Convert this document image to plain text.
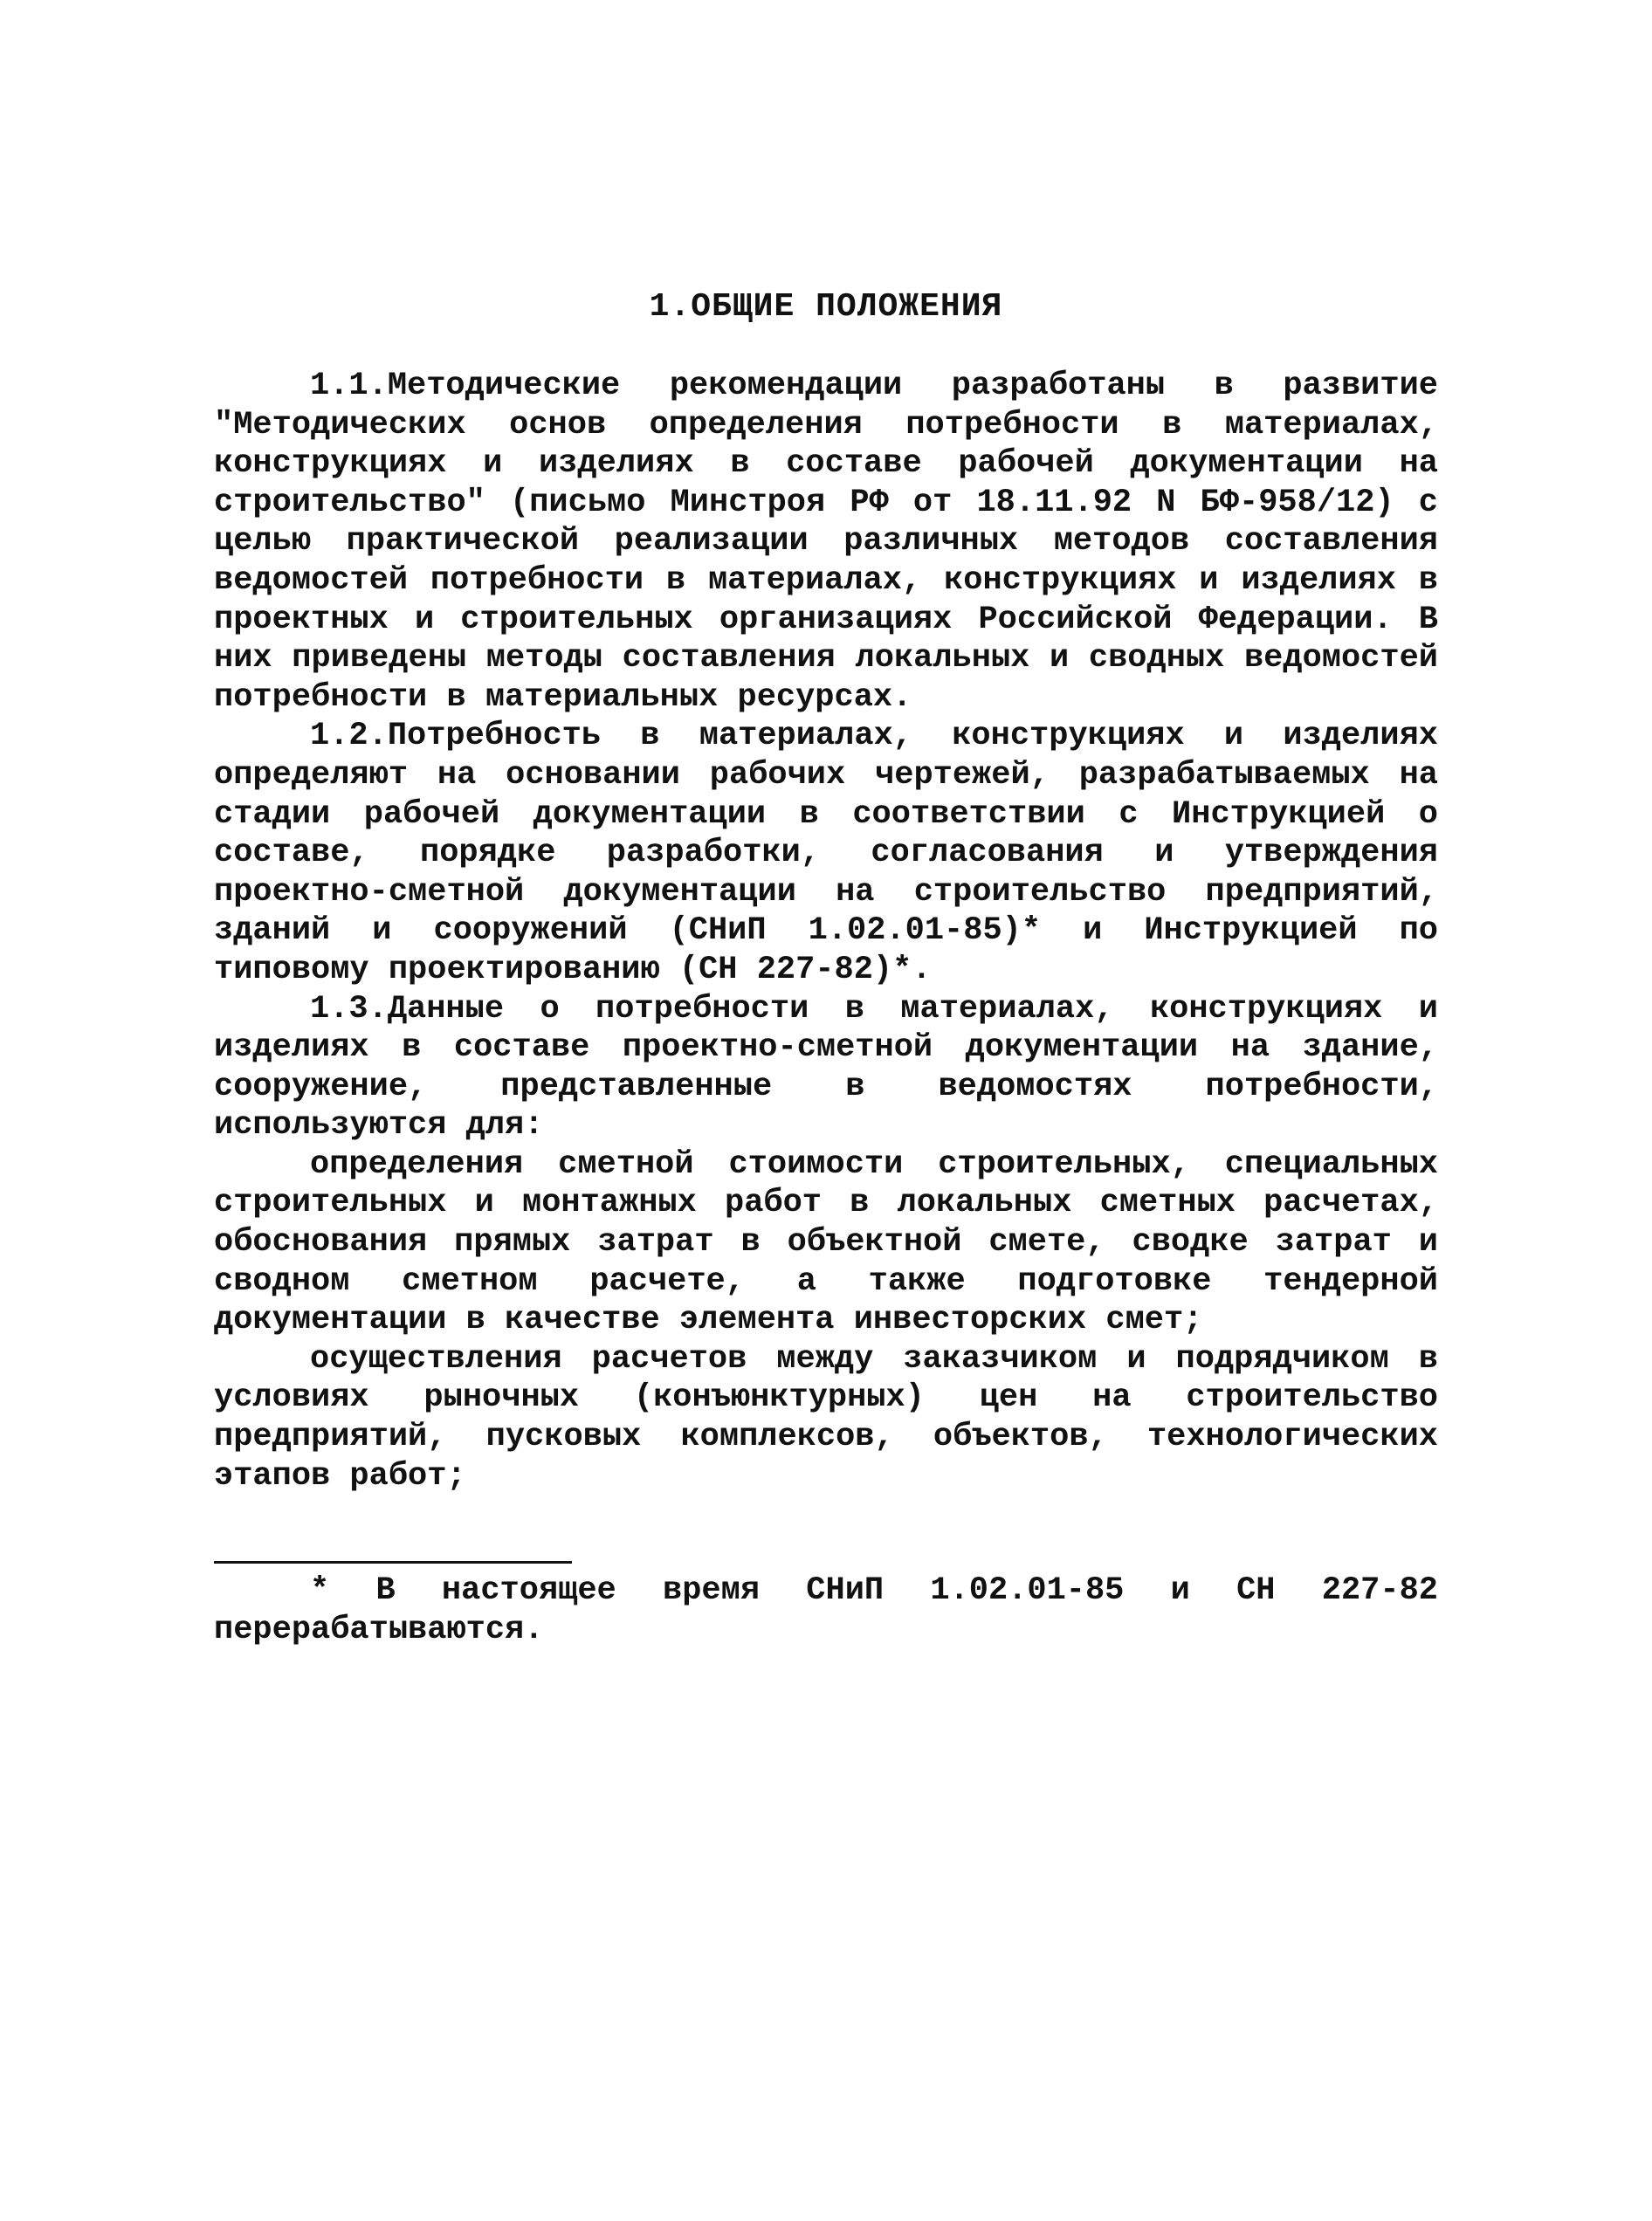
1.ОБЩИЕ ПОЛОЖЕНИЯ

1.1.Методические рекомендации разработаны в развитие "Методических основ определения потребности в материалах, конструкциях и изделиях в составе рабочей документации на строительство" (письмо Минстроя РФ от 18.11.92 N БФ-958/12) с целью практической реализации различных методов составления ведомостей потребности в материалах, конструкциях и изделиях в проектных и строительных организациях Российской Федерации. В них приведены методы составления локальных и сводных ведомостей потребности в материальных ресурсах.

1.2.Потребность в материалах, конструкциях и изделиях определяют на основании рабочих чертежей, разрабатываемых на стадии рабочей документации в соответствии с Инструкцией о составе, порядке разработки, согласования и утверждения проектно-сметной документации на строительство предприятий, зданий и сооружений (СНиП 1.02.01-85)* и Инструкцией по типовому проектированию (СН 227-82)*.

1.3.Данные о потребности в материалах, конструкциях и изделиях в составе проектно-сметной документации на здание, сооружение, представленные в ведомостях потребности, используются для:

определения сметной стоимости строительных, специальных строительных и монтажных работ в локальных сметных расчетах, обоснования прямых затрат в объектной смете, сводке затрат и сводном сметном расчете, а также подготовке тендерной документации в качестве элемента инвесторских смет;

осуществления расчетов между заказчиком и подрядчиком в условиях рыночных (конъюнктурных) цен на строительство предприятий, пусковых комплексов, объектов, технологических этапов работ;

* В настоящее время СНиП 1.02.01-85 и СН 227-82 перерабатываются.
